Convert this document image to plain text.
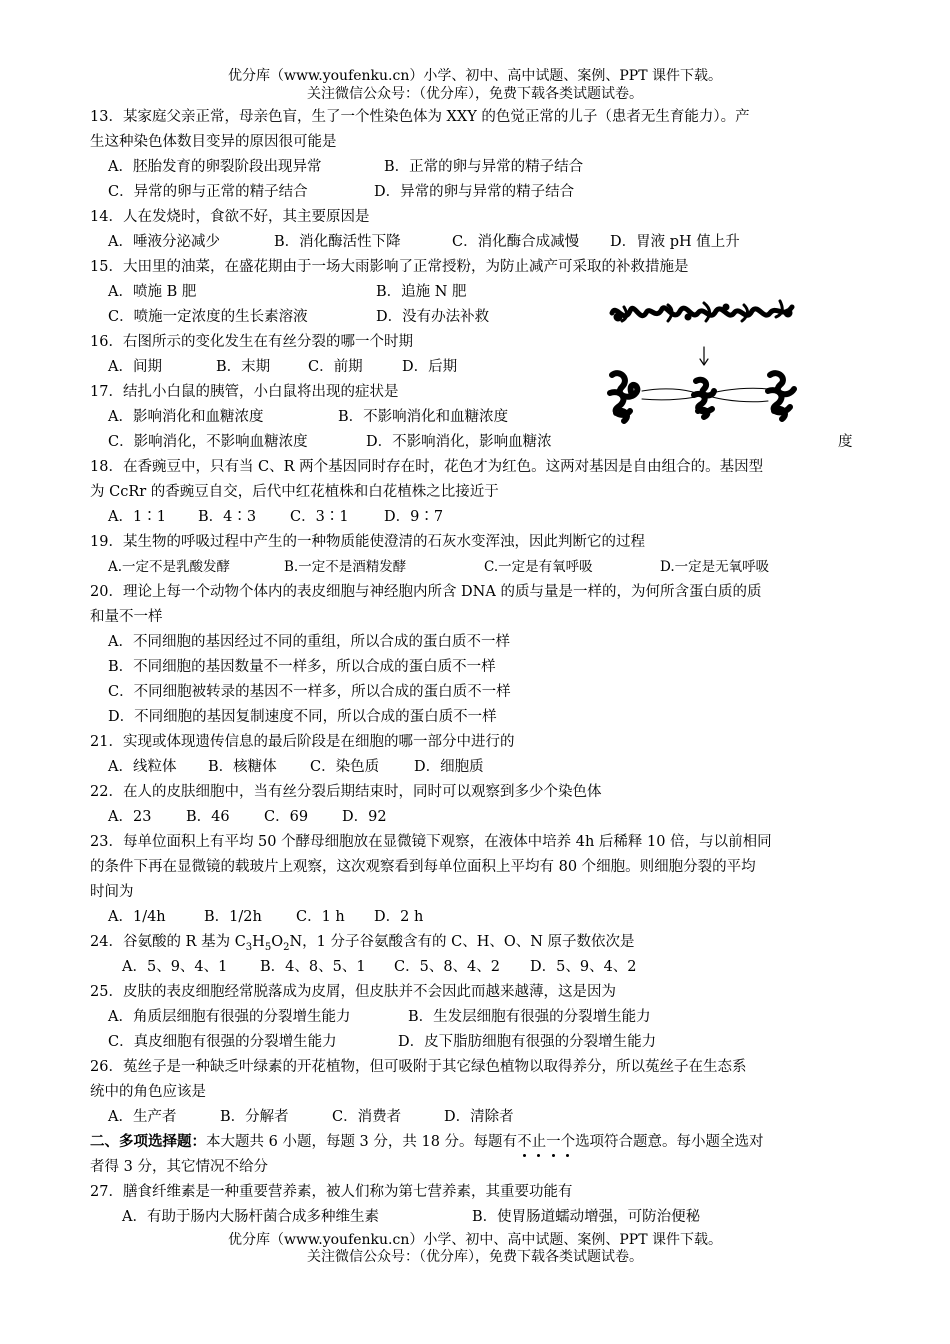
优分库（www.youfenku.cn）小学、初中、高中试题、案例、PPT 课件下载。
关注微信公众号：（优分库），免费下载各类试题试卷。
13．某家庭父亲正常，母亲色盲，生了一个性染色体为 XXY 的色觉正常的儿子（患者无生育能力）。产
生这种染色体数目变异的原因很可能是
A．胚胎发育的卵裂阶段出现异常	B．正常的卵与异常的精子结合
C．异常的卵与正常的精子结合	D．异常的卵与异常的精子结合
14．人在发烧时，食欲不好，其主要原因是
A．唾液分泌减少	B．消化酶活性下降	C．消化酶合成减慢 D．胃液 pH 值上升
15．大田里的油菜，在盛花期由于一场大雨影响了正常授粉，为防止减产可采取的补救措施是
A．喷施 B 肥	B．追施 N 肥
C．喷施一定浓度的生长素溶液	D．没有办法补救
16．右图所示的变化发生在有丝分裂的哪一个时期
A．间期	B．末期	C．前期	D．后期
17．结扎小白鼠的胰管，小白鼠将出现的症状是
A．影响消化和血糖浓度	B．不影响消化和血糖浓度
C．影响消化，不影响血糖浓度	D．不影响消化，影响血糖浓	度
18．在香豌豆中，只有当 C、R 两个基因同时存在时，花色才为红色。这两对基因是自由组合的。基因型
为 CcRr 的香豌豆自交，后代中红花植株和白花植株之比接近于
A．1∶1 B．4∶3 C．3∶1 D．9∶7
19．某生物的呼吸过程中产生的一种物质能使澄清的石灰水变浑浊，因此判断它的过程
A.一定不是乳酸发酵	B.一定不是酒精发酵	C.一定是有氧呼吸	D.一定是无氧呼吸
20．理论上每一个动物个体内的表皮细胞与神经胞内所含 DNA 的质与量是一样的，为何所含蛋白质的质
和量不一样
A．不同细胞的基因经过不同的重组，所以合成的蛋白质不一样
B．不同细胞的基因数量不一样多，所以合成的蛋白质不一样
C．不同细胞被转录的基因不一样多，所以合成的蛋白质不一样
D．不同细胞的基因复制速度不同，所以合成的蛋白质不一样
21．实现或体现遗传信息的最后阶段是在细胞的哪一部分中进行的
A．线粒体 B．核糖体 C．染色质 D．细胞质
22．在人的皮肤细胞中，当有丝分裂后期结束时，同时可以观察到多少个染色体
A．23 B．46 C．69 D．92
23．每单位面积上有平均 50 个酵母细胞放在显微镜下观察，在液体中培养 4h 后稀释 10 倍，与以前相同
的条件下再在显微镜的载玻片上观察，这次观察看到每单位面积上平均有 80 个细胞。则细胞分裂的平均
时间为
A．1/4h	B．1/2h C．1 h D．2 h
24．谷氨酸的 R 基为 $C_3H_5O_2N$，1 分子谷氨酸含有的 C、H、O、N 原子数依次是
A．5、9、4、1 B．4、8、5、1 C．5、8、4、2 D．5、9、4、2
25．皮肤的表皮细胞经常脱落成为皮屑，但皮肤并不会因此而越来越薄，这是因为
A．角质层细胞有很强的分裂增生能力	B．生发层细胞有很强的分裂增生能力
C．真皮细胞有很强的分裂增生能力	D．皮下脂肪细胞有很强的分裂增生能力
26．菟丝子是一种缺乏叶绿素的开花植物，但可吸附于其它绿色植物以取得养分，所以菟丝子在生态系
统中的角色应该是
A．生产者	B．分解者	C．消费者	D．清除者
二、多项选择题：本大题共 6 小题，每题 3 分，共 18 分。每题有不
止
一
个
选项符合题意。每小题全选对
者得 3 分，其它情况不给分
27．膳食纤维素是一种重要营养素，被人们称为第七营养素，其重要功能有
A．有助于肠内大肠杆菌合成多种维生素	B．使胃肠道蠕动增强，可防治便秘
优分库（www.youfenku.cn）小学、初中、高中试题、案例、PPT 课件下载。
关注微信公众号：（优分库），免费下载各类试题试卷。
